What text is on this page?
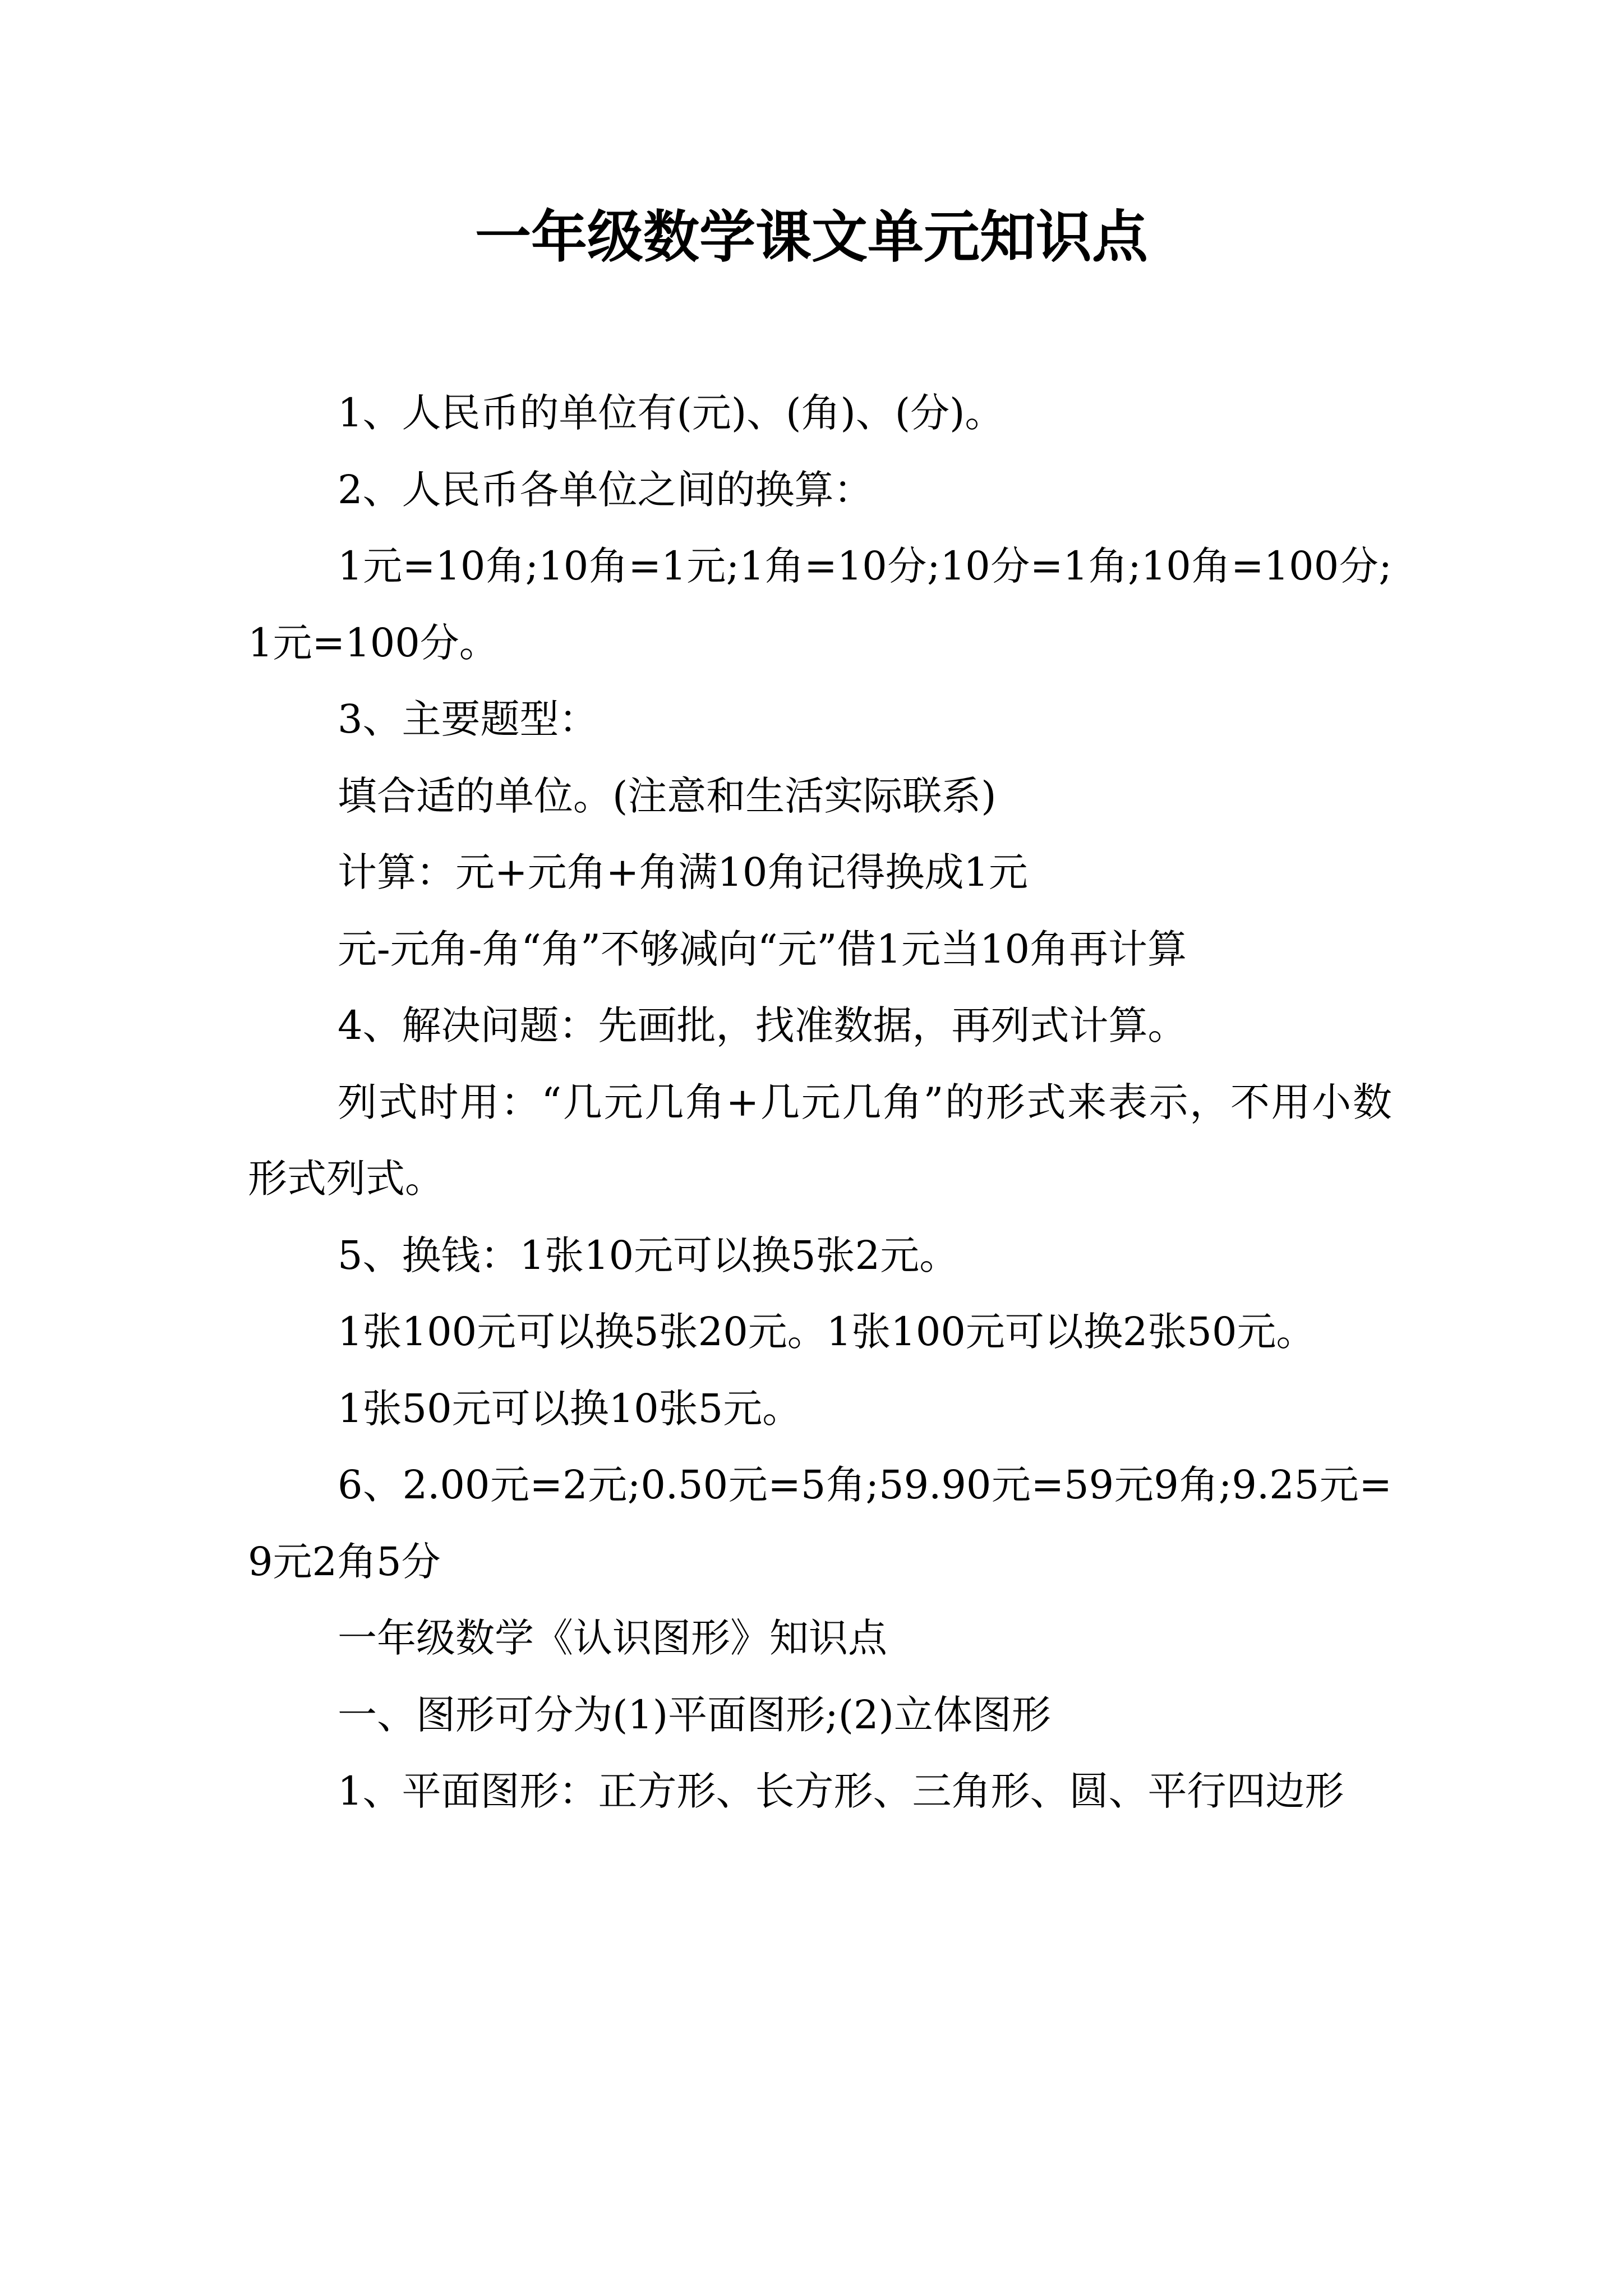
一年级数学课文单元知识点

1、人民币的单位有(元)、(角)、(分)。

2、人民币各单位之间的换算：

1元=10角;10角=1元;1角=10分;10分=1角;10角=100分;1元=100分。

3、主要题型：

填合适的单位。(注意和生活实际联系)

计算：元+元角+角满10角记得换成1元

元-元角-角“角”不够减向“元”借1元当10角再计算

4、解决问题：先画批，找准数据，再列式计算。

列式时用：“几元几角+几元几角”的形式来表示，不用小数形式列式。

5、换钱：1张10元可以换5张2元。

1张100元可以换5张20元。1张100元可以换2张50元。

1张50元可以换10张5元。

6、2.00元=2元;0.50元=5角;59.90元=59元9角;9.25元=9元2角5分

一年级数学《认识图形》知识点

一、图形可分为(1)平面图形;(2)立体图形

1、平面图形：正方形、长方形、三角形、圆、平行四边形
